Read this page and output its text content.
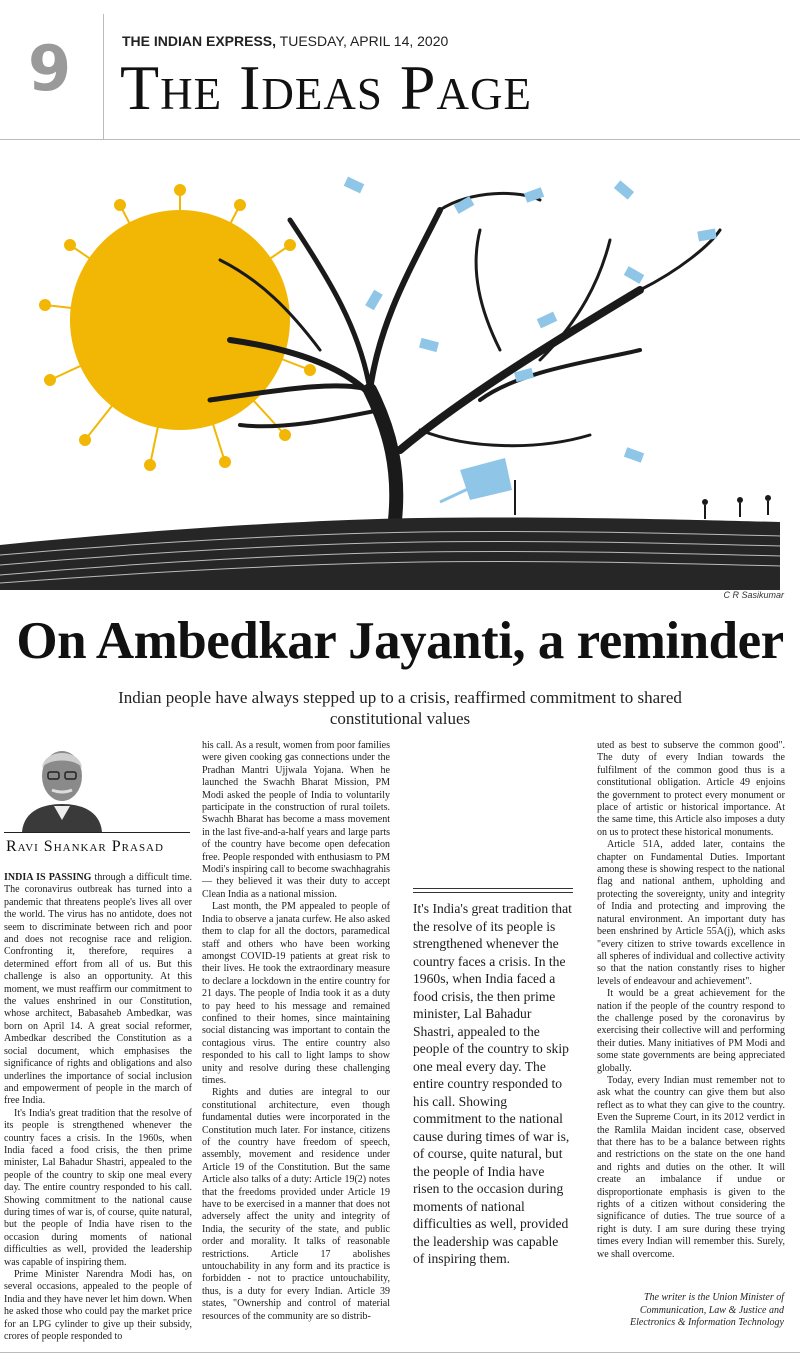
9	THE INDIAN EXPRESS, TUESDAY, APRIL 14, 2020
The Ideas Page
C R Sasikumar
On Ambedkar Jayanti, a reminder
Indian people have always stepped up to a crisis, reaffirmed commitment to shared constitutional values
Ravi Shankar Prasad

INDIA IS PASSING through a difficult time. The coronavirus outbreak has turned into a pandemic that threatens people's lives all over the world. The virus has no antidote, does not seem to discriminate between rich and poor and does not recognise race and religion. Confronting it, therefore, requires a determined effort from all of us. But this challenge is also an opportunity. At this moment, we must reaffirm our commitment to the values enshrined in our Constitution, whose architect, Babasaheb Ambedkar, was born on April 14. A great social reformer, Ambedkar described the Constitution as a social document, which emphasises the significance of rights and obligations and also underlines the importance of social inclusion and empowerment of people in the march of free India.

It's India's great tradition that the resolve of its people is strengthened whenever the country faces a crisis. In the 1960s, when India faced a food crisis, the then prime minister, Lal Bahadur Shastri, appealed to the people of the country to skip one meal every day. The entire country responded to his call. Showing commitment to the national cause during times of war is, of course, quite natural, but the people of India have risen to the occasion during moments of national difficulties as well, provided the leadership was capable of inspiring them.

Prime Minister Narendra Modi has, on several occasions, appealed to the people of India and they have never let him down. When he asked those who could pay the market price for an LPG cylinder to give up their subsidy, crores of people responded to

his call. As a result, women from poor families were given cooking gas connections under the Pradhan Mantri Ujjwala Yojana. When he launched the Swachh Bharat Mission, PM Modi asked the people of India to voluntarily participate in the construction of rural toilets. Swachh Bharat has become a mass movement in the last five-and-a-half years and large parts of the country have become open defecation free. People responded with enthusiasm to PM Modi's inspiring call to become swachhagrahis — they believed it was their duty to accept Clean India as a national mission.

Last month, the PM appealed to people of India to observe a janata curfew. He also asked them to clap for all the doctors, paramedical staff and others who have been working amongst COVID-19 patients at great risk to their lives. He took the extraordinary measure to declare a lockdown in the entire country for 21 days. The people of India took it as a duty to pay heed to his message and remained confined to their homes, since maintaining social distancing was important to contain the contagious virus. The entire country also responded to his call to light lamps to show unity and resolve during these challenging times.

Rights and duties are integral to our constitutional architecture, even though fundamental duties were incorporated in the Constitution much later. For instance, citizens of the country have freedom of speech, assembly, movement and residence under Article 19 of the Constitution. But the same Article also talks of a duty: Article 19(2) notes that the freedoms provided under Article 19 have to be exercised in a manner that does not adversely affect the unity and integrity of India, the security of the state, and public order and morality. It talks of reasonable restrictions. Article 17 abolishes untouchability in any form and its practice is forbidden - not to practice untouchability, thus, is a duty for every Indian. Article 39 states, "Ownership and control of material resources of the community are so distrib-

It's India's great tradition that the resolve of its people is strengthened whenever the country faces a crisis. In the 1960s, when India faced a food crisis, the then prime minister, Lal Bahadur Shastri, appealed to the people of the country to skip one meal every day. The entire country responded to his call. Showing commitment to the national cause during times of war is, of course, quite natural, but the people of India have risen to the occasion during moments of national difficulties as well, provided the leadership was capable of inspiring them.

uted as best to subserve the common good". The duty of every Indian towards the fulfilment of the common good thus is a constitutional obligation. Article 49 enjoins the government to protect every monument or place of artistic or historical importance. At the same time, this Article also imposes a duty on us to protect these historical monuments.

Article 51A, added later, contains the chapter on Fundamental Duties. Important among these is showing respect to the national flag and national anthem, upholding and protecting the sovereignty, unity and integrity of India and protecting and improving the natural environment. An important duty has been enshrined by Article 55A(j), which asks "every citizen to strive towards excellence in all spheres of individual and collective activity so that the nation constantly rises to higher levels of endeavour and achievement".

It would be a great achievement for the nation if the people of the country respond to the challenge posed by the coronavirus by exercising their collective will and performing their duties. Many initiatives of PM Modi and some state governments are being appreciated globally.

Today, every Indian must remember not to ask what the country can give them but also reflect as to what they can give to the country. Even the Supreme Court, in its 2012 verdict in the Ramlila Maidan incident case, observed that there has to be a balance between rights and restrictions on the state on the one hand and rights and duties on the other. It will create an imbalance if undue or disproportionate emphasis is given to the rights of a citizen without considering the significance of duties. The true source of a right is duty. I am sure during these trying times every Indian will remember this. Surely, we shall overcome.

The writer is the Union Minister of Communication, Law & Justice and Electronics & Information Technology
